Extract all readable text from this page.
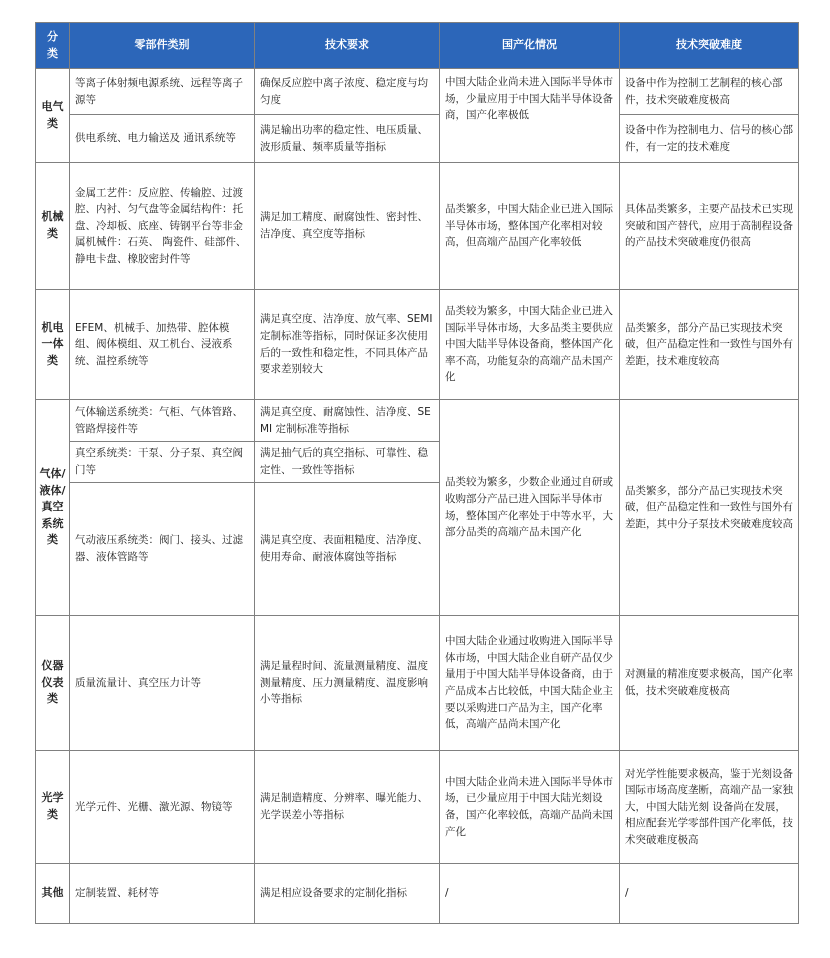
分类	零部件类别	技术要求	国产化情况	技术突破难度
电气类	等离子体射频电源系统、远程等离子源等	确保反应腔中离子浓度、稳定度与均匀度	中国大陆企业尚未进入国际半导体市场，少量应用于中国大陆半导体设备商，国产化率极低	设备中作为控制工艺制程的核心部件，技术突破难度极高
	供电系统、电力输送及 通讯系统等	满足输出功率的稳定性、电压质量、波形质量、频率质量等指标		设备中作为控制电力、信号的核心部件，有一定的技术难度
机械类	金属工艺件：反应腔、传输腔、过渡腔、内衬、匀气盘等金属结构件：托盘、冷却板、底座、铸钢平台等非金属机械件：石英、 陶瓷件、硅部件、静电卡盘、橡胶密封件等	满足加工精度、耐腐蚀性、密封性、洁净度、真空度等指标	品类繁多，中国大陆企业已进入国际半导体市场，整体国产化率相对较高，但高端产品国产化率较低	具体品类繁多，主要产品技术已实现突破和国产替代，应用于高制程设备的产品技术突破难度仍很高
机电一体类	EFEM、机械手、加热带、腔体模组、阀体模组、双工机台、浸液系统、温控系统等	满足真空度、洁净度、放气率、SEMI 定制标准等指标，同时保证多次使用后的一致性和稳定性，不同具体产品要求差别较大	品类较为繁多，中国大陆企业已进入国际半导体市场，大多品类主要供应中国大陆半导体设备商，整体国产化率不高，功能复杂的高端产品未国产化	品类繁多，部分产品已实现技术突破，但产品稳定性和一致性与国外有差距，技术难度较高
气体/液体/真空系统类	气体输送系统类：气柜、气体管路、管路焊接件等	满足真空度、耐腐蚀性、洁净度、SEMI 定制标准等指标	品类较为繁多，少数企业通过自研或收购部分产品已进入国际半导体市场，整体国产化率处于中等水平，大部分品类的高端产品未国产化	品类繁多，部分产品已实现技术突破，但产品稳定性和一致性与国外有差距，其中分子泵技术突破难度较高
	真空系统类：干泵、分子泵、真空阀门等	满足抽气后的真空指标、可靠性、稳定性、一致性等指标		
	气动液压系统类：阀门、接头、过滤器、液体管路等	满足真空度、表面粗糙度、洁净度、使用寿命、耐液体腐蚀等指标		
仪器仪表类	质量流量计、真空压力计等	满足量程时间、流量测量精度、温度测量精度、压力测量精度、温度影响小等指标	中国大陆企业通过收购进入国际半导体市场，中国大陆企业自研产品仅少量用于中国大陆半导体设备商，由于产品成本占比较低，中国大陆企业主要以采购进口产品为主，国产化率低，高端产品尚未国产化	对测量的精准度要求极高，国产化率低，技术突破难度极高
光学类	光学元件、光栅、激光源、物镜等	满足制造精度、分辨率、曝光能力、光学误差小等指标	中国大陆企业尚未进入国际半导体市场，已少量应用于中国大陆光刻设备，国产化率较低，高端产品尚未国产化	对光学性能要求极高，鉴于光刻设备国际市场高度垄断，高端产品一家独大，中国大陆光刻 设备尚在发展，相应配套光学零部件国产化率低，技术突破难度极高
其他	定制装置、耗材等	满足相应设备要求的定制化指标	/	/
